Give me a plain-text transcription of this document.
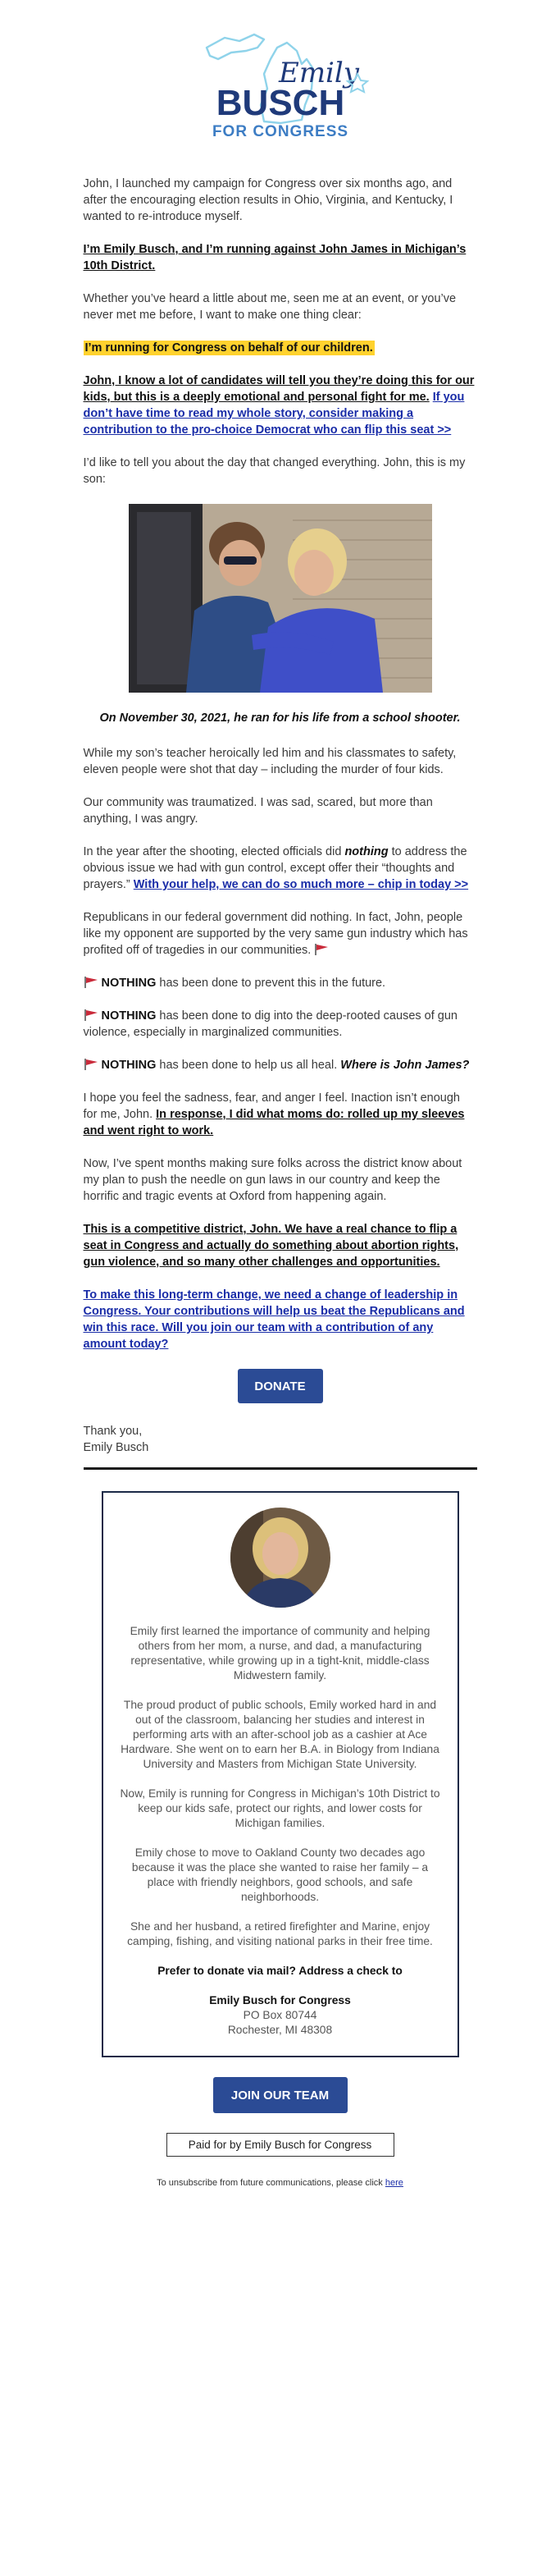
Emily
BUSCH
FOR CONGRESS

John, I launched my campaign for Congress over six months ago, and after the encouraging election results in Ohio, Virginia, and Kentucky, I wanted to re-introduce myself.

I’m Emily Busch, and I’m running against John James in Michigan’s 10th District.

Whether you’ve heard a little about me, seen me at an event, or you’ve never met me before, I want to make one thing clear:

I’m running for Congress on behalf of our children.

John, I know a lot of candidates will tell you they’re doing this for our kids, but this is a deeply emotional and personal fight for me. If you don’t have time to read my whole story, consider making a contribution to the pro-choice Democrat who can flip this seat >>

I’d like to tell you about the day that changed everything. John, this is my son:

On November 30, 2021, he ran for his life from a school shooter.

While my son’s teacher heroically led him and his classmates to safety, eleven people were shot that day – including the murder of four kids.

Our community was traumatized. I was sad, scared, but more than anything, I was angry.

In the year after the shooting, elected officials did nothing to address the obvious issue we had with gun control, except offer their “thoughts and prayers.” With your help, we can do so much more – chip in today >>

Republicans in our federal government did nothing. In fact, John, people like my opponent are supported by the very same gun industry which has profited off of tragedies in our communities.

NOTHING has been done to prevent this in the future.

NOTHING has been done to dig into the deep-rooted causes of gun violence, especially in marginalized communities.

NOTHING has been done to help us all heal. Where is John James?

I hope you feel the sadness, fear, and anger I feel. Inaction isn’t enough for me, John. In response, I did what moms do: rolled up my sleeves and went right to work.

Now, I’ve spent months making sure folks across the district know about my plan to push the needle on gun laws in our country and keep the horrific and tragic events at Oxford from happening again.

This is a competitive district, John. We have a real chance to flip a seat in Congress and actually do something about abortion rights, gun violence, and so many other challenges and opportunities.

To make this long-term change, we need a change of leadership in Congress. Your contributions will help us beat the Republicans and win this race. Will you join our team with a contribution of any amount today?

DONATE

Thank you,
Emily Busch

Emily first learned the importance of community and helping others from her mom, a nurse, and dad, a manufacturing representative, while growing up in a tight-knit, middle-class Midwestern family.

The proud product of public schools, Emily worked hard in and out of the classroom, balancing her studies and interest in performing arts with an after-school job as a cashier at Ace Hardware. She went on to earn her B.A. in Biology from Indiana University and Masters from Michigan State University.

Now, Emily is running for Congress in Michigan’s 10th District to keep our kids safe, protect our rights, and lower costs for Michigan families.

Emily chose to move to Oakland County two decades ago because it was the place she wanted to raise her family – a place with friendly neighbors, good schools, and safe neighborhoods.

She and her husband, a retired firefighter and Marine, enjoy camping, fishing, and visiting national parks in their free time.

Prefer to donate via mail? Address a check to

Emily Busch for Congress
PO Box 80744
Rochester, MI 48308

JOIN OUR TEAM
Paid for by Emily Busch for Congress

To unsubscribe from future communications, please click here
